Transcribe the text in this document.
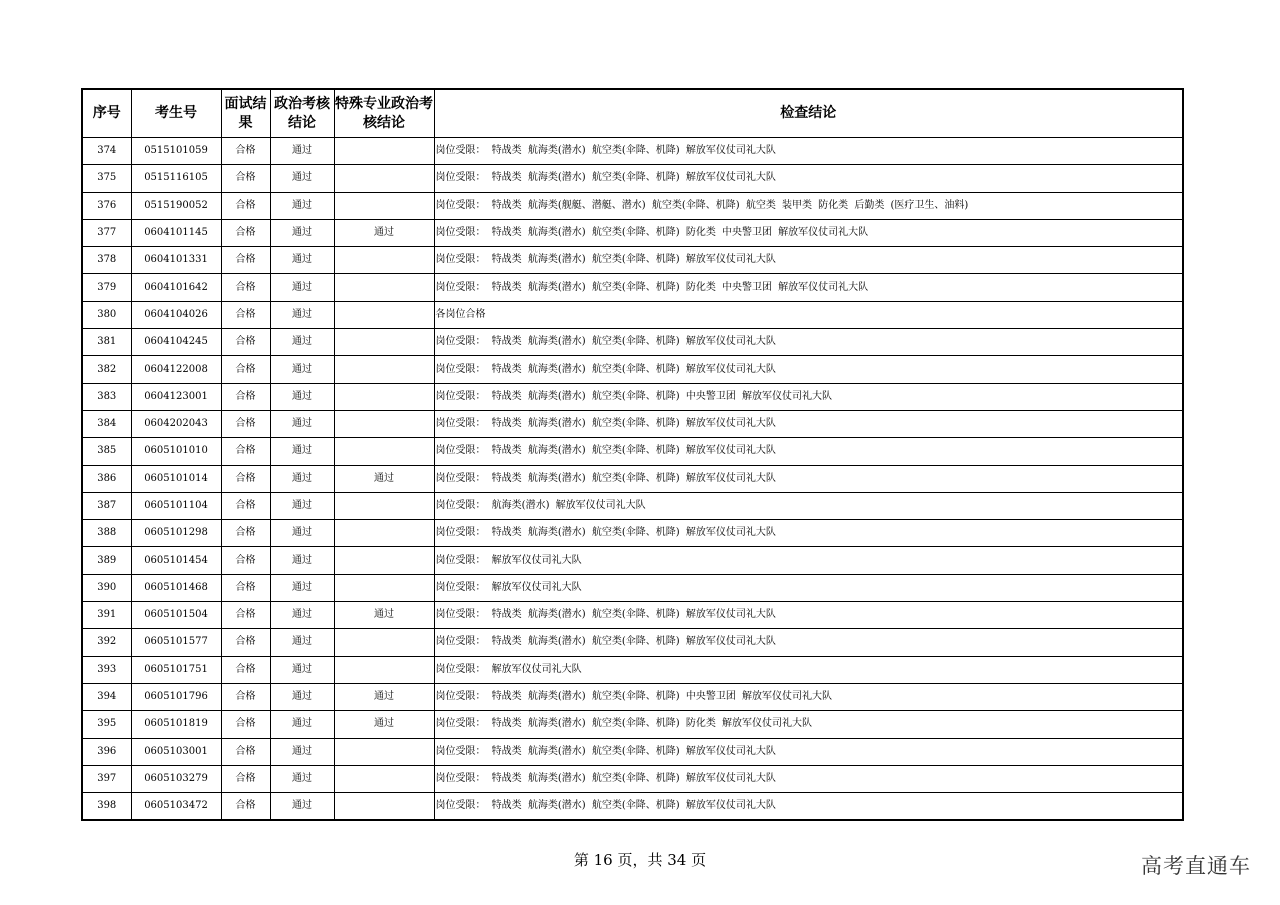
序号	考生号	面试结果	政治考核结论	特殊专业政治考核结论	检查结论
374	0515101059	合格	通过		岗位受限： 特战类 航海类(潜水) 航空类(伞降、机降) 解放军仪仗司礼大队
375	0515116105	合格	通过		岗位受限： 特战类 航海类(潜水) 航空类(伞降、机降) 解放军仪仗司礼大队
376	0515190052	合格	通过		岗位受限： 特战类 航海类(舰艇、潜艇、潜水) 航空类(伞降、机降) 航空类 装甲类 防化类 后勤类 (医疗卫生、油料)
377	0604101145	合格	通过	通过	岗位受限： 特战类 航海类(潜水) 航空类(伞降、机降) 防化类 中央警卫团 解放军仪仗司礼大队
378	0604101331	合格	通过		岗位受限： 特战类 航海类(潜水) 航空类(伞降、机降) 解放军仪仗司礼大队
379	0604101642	合格	通过		岗位受限： 特战类 航海类(潜水) 航空类(伞降、机降) 防化类 中央警卫团 解放军仪仗司礼大队
380	0604104026	合格	通过		各岗位合格
381	0604104245	合格	通过		岗位受限： 特战类 航海类(潜水) 航空类(伞降、机降) 解放军仪仗司礼大队
382	0604122008	合格	通过		岗位受限： 特战类 航海类(潜水) 航空类(伞降、机降) 解放军仪仗司礼大队
383	0604123001	合格	通过		岗位受限： 特战类 航海类(潜水) 航空类(伞降、机降) 中央警卫团 解放军仪仗司礼大队
384	0604202043	合格	通过		岗位受限： 特战类 航海类(潜水) 航空类(伞降、机降) 解放军仪仗司礼大队
385	0605101010	合格	通过		岗位受限： 特战类 航海类(潜水) 航空类(伞降、机降) 解放军仪仗司礼大队
386	0605101014	合格	通过	通过	岗位受限： 特战类 航海类(潜水) 航空类(伞降、机降) 解放军仪仗司礼大队
387	0605101104	合格	通过		岗位受限： 航海类(潜水) 解放军仪仗司礼大队
388	0605101298	合格	通过		岗位受限： 特战类 航海类(潜水) 航空类(伞降、机降) 解放军仪仗司礼大队
389	0605101454	合格	通过		岗位受限： 解放军仪仗司礼大队
390	0605101468	合格	通过		岗位受限： 解放军仪仗司礼大队
391	0605101504	合格	通过	通过	岗位受限： 特战类 航海类(潜水) 航空类(伞降、机降) 解放军仪仗司礼大队
392	0605101577	合格	通过		岗位受限： 特战类 航海类(潜水) 航空类(伞降、机降) 解放军仪仗司礼大队
393	0605101751	合格	通过		岗位受限： 解放军仪仗司礼大队
394	0605101796	合格	通过	通过	岗位受限： 特战类 航海类(潜水) 航空类(伞降、机降) 中央警卫团 解放军仪仗司礼大队
395	0605101819	合格	通过	通过	岗位受限： 特战类 航海类(潜水) 航空类(伞降、机降) 防化类 解放军仪仗司礼大队
396	0605103001	合格	通过		岗位受限： 特战类 航海类(潜水) 航空类(伞降、机降) 解放军仪仗司礼大队
397	0605103279	合格	通过		岗位受限： 特战类 航海类(潜水) 航空类(伞降、机降) 解放军仪仗司礼大队
398	0605103472	合格	通过		岗位受限： 特战类 航海类(潜水) 航空类(伞降、机降) 解放军仪仗司礼大队
第 16 页，共 34 页	高考直通车
